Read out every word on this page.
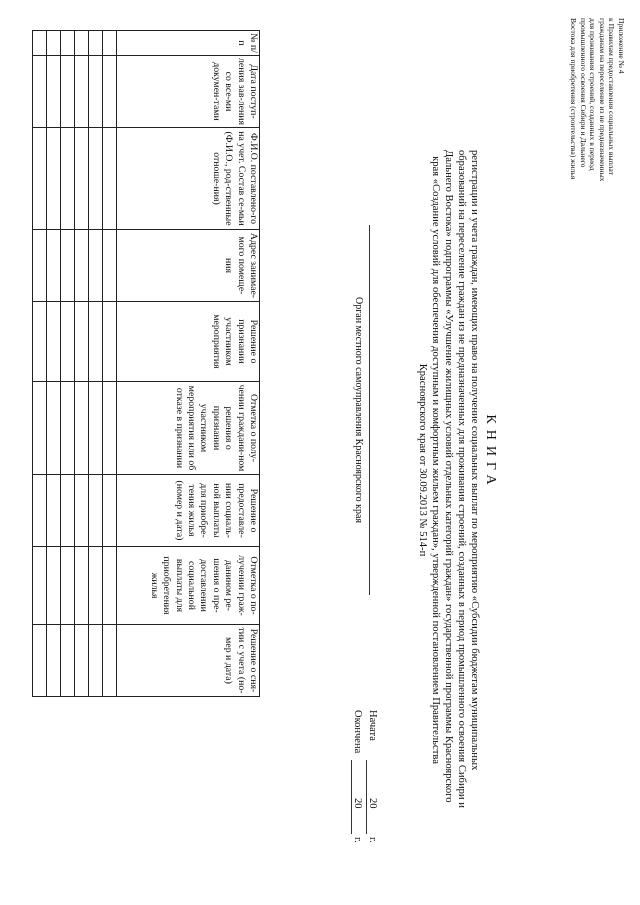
Приложение № 4
к Правилам предоставления социальных выплат
гражданам на переселение из не предназначенных
для проживания строений, созданных в период
промышленного освоения Сибири и Дальнего
Востока для приобретения (строительства) жилья
КНИГА
регистрации и учета граждан, имеющих право на получение социальных выплат по мероприятию «Субсидии бюджетам муниципальных
образований на переселение граждан из не предназначенных для проживания строений, созданных в период промышленного освоения Сибири и
Дальнего Востока» подпрограммы «Улучшение жилищных условий отдельных категорий граждан» государственной программы Красноярского
края «Создание условий для обеспечения доступным и комфортным жильем граждан», утвержденной постановлением Правительства
Красноярского края от 30.09.2013 № 514-п
Орган местного самоуправления Красноярского края
Начата
20
г.
Окончена
20
г.
№ п/п	Дата поступ-ления зав-ления со все-ми докумен-тами	Ф.И.О. поставлено-го на учет. Состав се-мьи (Ф.И.О., род-ственные отноше-ния)	Адрес занимае-мого помеще-ния	Решение о признании участником мероприятия	Отметка о полу-чении граждани-ном решения о признании участником мероприятия или об отказе в признании	Решение о предоставле-нии социаль-ной выплаты для приобре-тения жилья (номер и дата)	Отметка о по-лучении граж-данином ре-шения о пре-доставлении социальной выплаты для приобретения жилья	Решение о сня-тии с учета (но-мер и дата)
